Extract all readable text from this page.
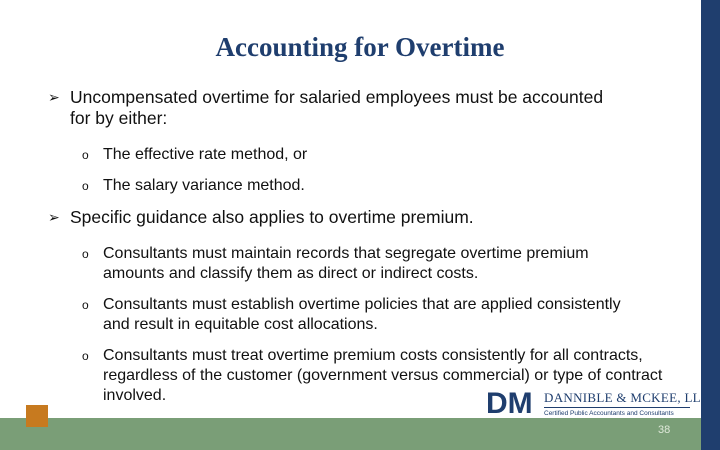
38
Accounting for Overtime
➢ Uncompensated overtime for salaried employees must be accounted for by either:
o The effective rate method, or
o The salary variance method.
➢ Specific guidance also applies to overtime premium.
o Consultants must maintain records that segregate overtime premium amounts and classify them as direct or indirect costs.
o Consultants must establish overtime policies that are applied consistently and result in equitable cost allocations.
o Consultants must treat overtime premium costs consistently for all contracts, regardless of the customer (government versus commercial) or type of contract involved.	DM DANNIBLE & MCKEE, LLP
Certified Public Accountants and Consultants
